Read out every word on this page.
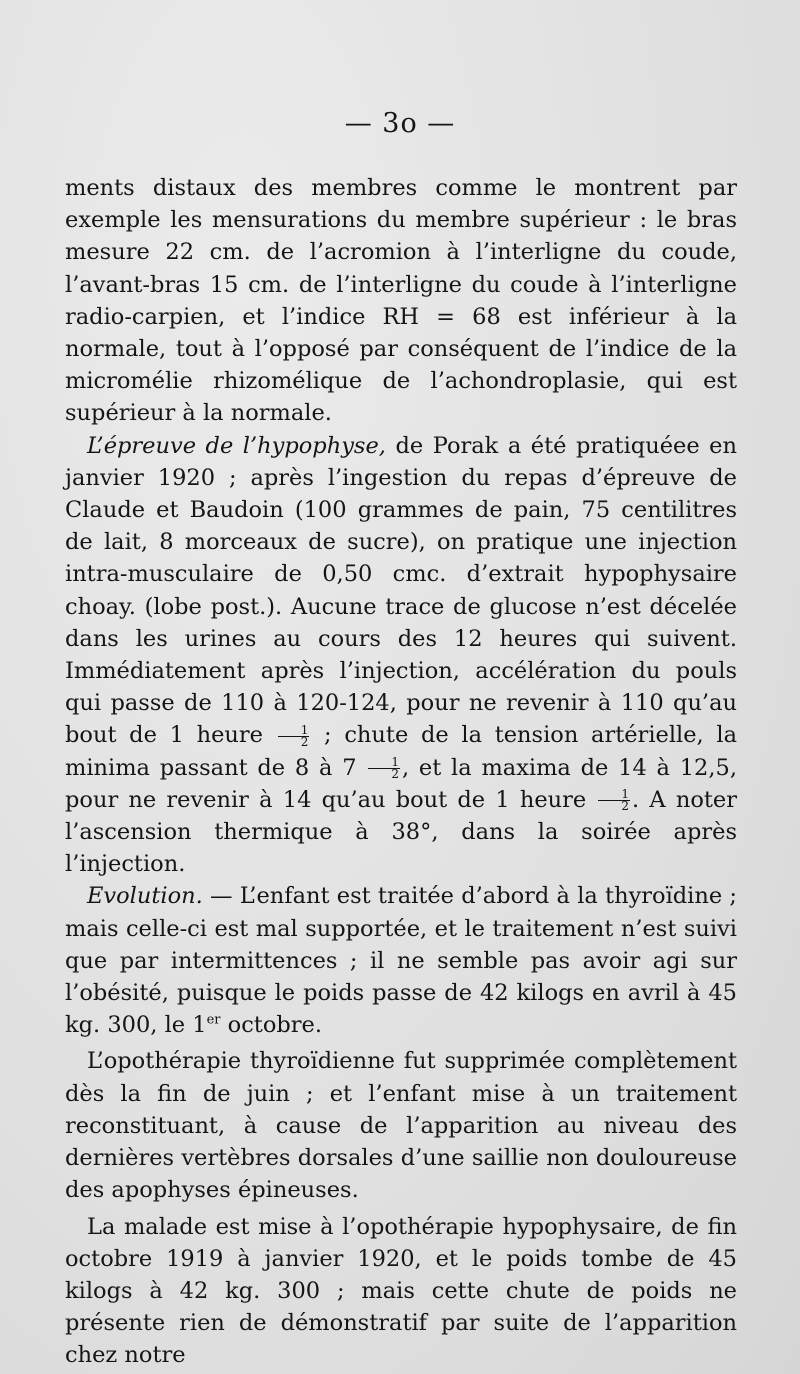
— 3o —

ments distaux des membres comme le montrent par exemple les mensurations du membre supérieur : le bras mesure 22 cm. de l’acromion à l’interligne du coude, l’avant-bras 15 cm. de l’interligne du coude à l’interligne radio-carpien, et l’indice RH = 68 est inférieur à la normale, tout à l’opposé par conséquent de l’indice de la micromélie rhizomélique de l’achondroplasie, qui est supérieur à la normale.

L’épreuve de l’hypophyse, de Porak a été pratiquéee en janvier 1920 ; après l’ingestion du repas d’épreuve de Claude et Baudoin (100 grammes de pain, 75 centilitres de lait, 8 morceaux de sucre), on pratique une injection intra-musculaire de 0,50 cmc. d’extrait hypophysaire choay. (lobe post.). Aucune trace de glucose n’est décelée dans les urines au cours des 12 heures qui suivent. Immédiatement après l’injection, accélération du pouls qui passe de 110 à 120-124, pour ne revenir à 110 qu’au bout de 1 heure $\frac{1}{2}$ ; chute de la tension artérielle, la minima passant de 8 à $7 \frac{1}{2}$ , et la maxima de 14 à 12,5, pour ne revenir à 14 qu’au bout de 1 heure $\frac{1}{2}$ . A noter l’ascension thermique à 38°, dans la soirée après l’injection.

Evolution. — L’enfant est traitée d’abord à la thyroïdine ; mais celle-ci est mal supportée, et le traitement n’est suivi que par intermittences ; il ne semble pas avoir agi sur l’obésité, puisque le poids passe de 42 kilogs en avril à 45 kg. 300, le 1er octobre.

L’opothérapie thyroïdienne fut supprimée complètement dès la fin de juin ; et l’enfant mise à un traitement reconstituant, à cause de l’apparition au niveau des dernières vertèbres dorsales d’une saillie non douloureuse des apophyses épineuses.

La malade est mise à l’opothérapie hypophysaire, de fin octobre 1919 à janvier 1920, et le poids tombe de 45 kilogs à 42 kg. 300 ; mais cette chute de poids ne présente rien de démonstratif par suite de l’apparition chez notre
